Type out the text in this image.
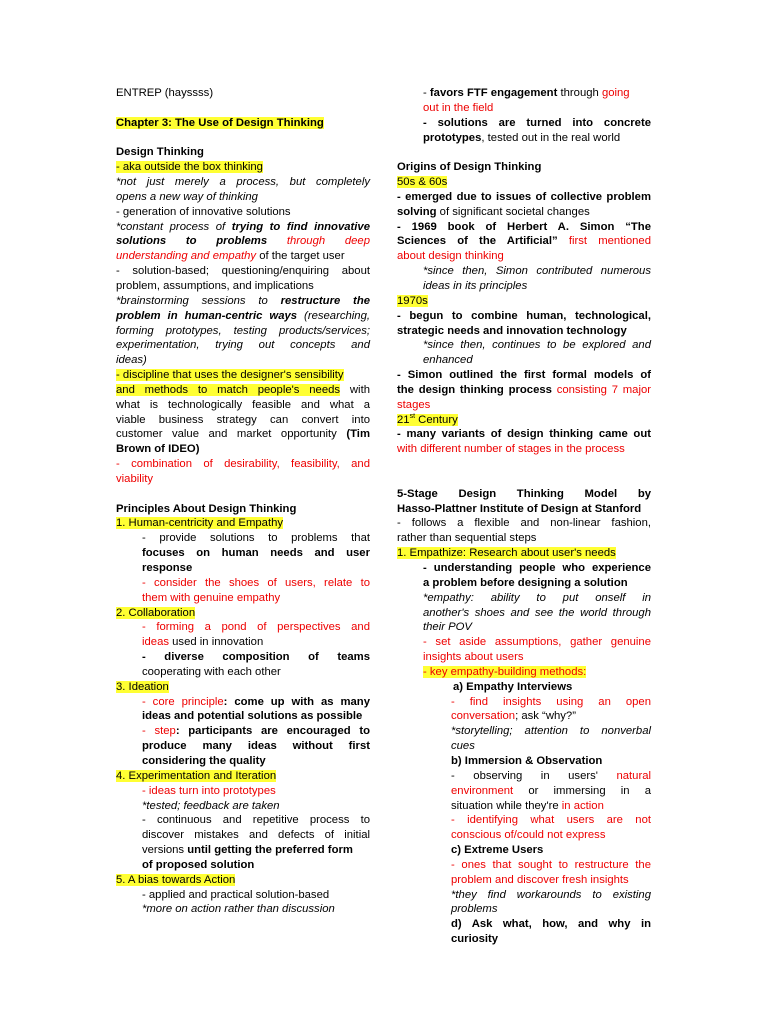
ENTREP (hayssss)
Chapter 3: The Use of Design Thinking
Design Thinking
- aka outside the box thinking
*not just merely a process, but completely
opens a new way of thinking
- generation of innovative solutions
*constant process of trying to find innovative
solutions to problems through deep
understanding and empathy of the target user
- solution-based; questioning/enquiring about
problem, assumptions, and implications
*brainstorming sessions to restructure the
problem in human-centric ways (researching,
forming prototypes, testing products/services;
experimentation, trying out concepts and
ideas)
- discipline that uses the designer's sensibility
and methods to match people's needs with
what is technologically feasible and what a
viable business strategy can convert into
customer value and market opportunity (Tim
Brown of IDEO)
- combination of desirability, feasibility, and
viability
Principles About Design Thinking
1. Human-centricity and Empathy
- provide solutions to problems that
focuses on human needs and user
response
- consider the shoes of users, relate to
them with genuine empathy
2. Collaboration
- forming a pond of perspectives and
ideas used in innovation
- diverse composition of teams
cooperating with each other
3. Ideation
- core principle: come up with as many
ideas and potential solutions as possible
- step: participants are encouraged to
produce many ideas without first
considering the quality
4. Experimentation and Iteration
- ideas turn into prototypes
*tested; feedback are taken
- continuous and repetitive process to
discover mistakes and defects of initial
versions until getting the preferred form
of proposed solution
5. A bias towards Action
- applied and practical solution-based
*more on action rather than discussion
- favors FTF engagement through going
out in the field
- solutions are turned into concrete
prototypes, tested out in the real world
Origins of Design Thinking
50s & 60s
- emerged due to issues of collective problem
solving of significant societal changes
- 1969 book of Herbert A. Simon “The
Sciences of the Artificial” first mentioned
about design thinking
*since then, Simon contributed numerous
ideas in its principles
1970s
- begun to combine human, technological,
strategic needs and innovation technology
*since then, continues to be explored and
enhanced
- Simon outlined the first formal models of
the design thinking process consisting 7 major
stages
21st Century
- many variants of design thinking came out
with different number of stages in the process
5-Stage Design Thinking Model by
Hasso-Plattner Institute of Design at Stanford
- follows a flexible and non-linear fashion,
rather than sequential steps
1. Empathize: Research about user's needs
- understanding people who experience
a problem before designing a solution
*empathy: ability to put onself in
another's shoes and see the world through
their POV
- set aside assumptions, gather genuine
insights about users
- key empathy-building methods:
a) Empathy Interviews
- find insights using an open
conversation; ask “why?”
*storytelling; attention to nonverbal
cues
b) Immersion & Observation
- observing in users' natural
environment or immersing in a
situation while they're in action
- identifying what users are not
conscious of/could not express
c) Extreme Users
- ones that sought to restructure the
problem and discover fresh insights
*they find workarounds to existing
problems
d) Ask what, how, and why in
curiosity
